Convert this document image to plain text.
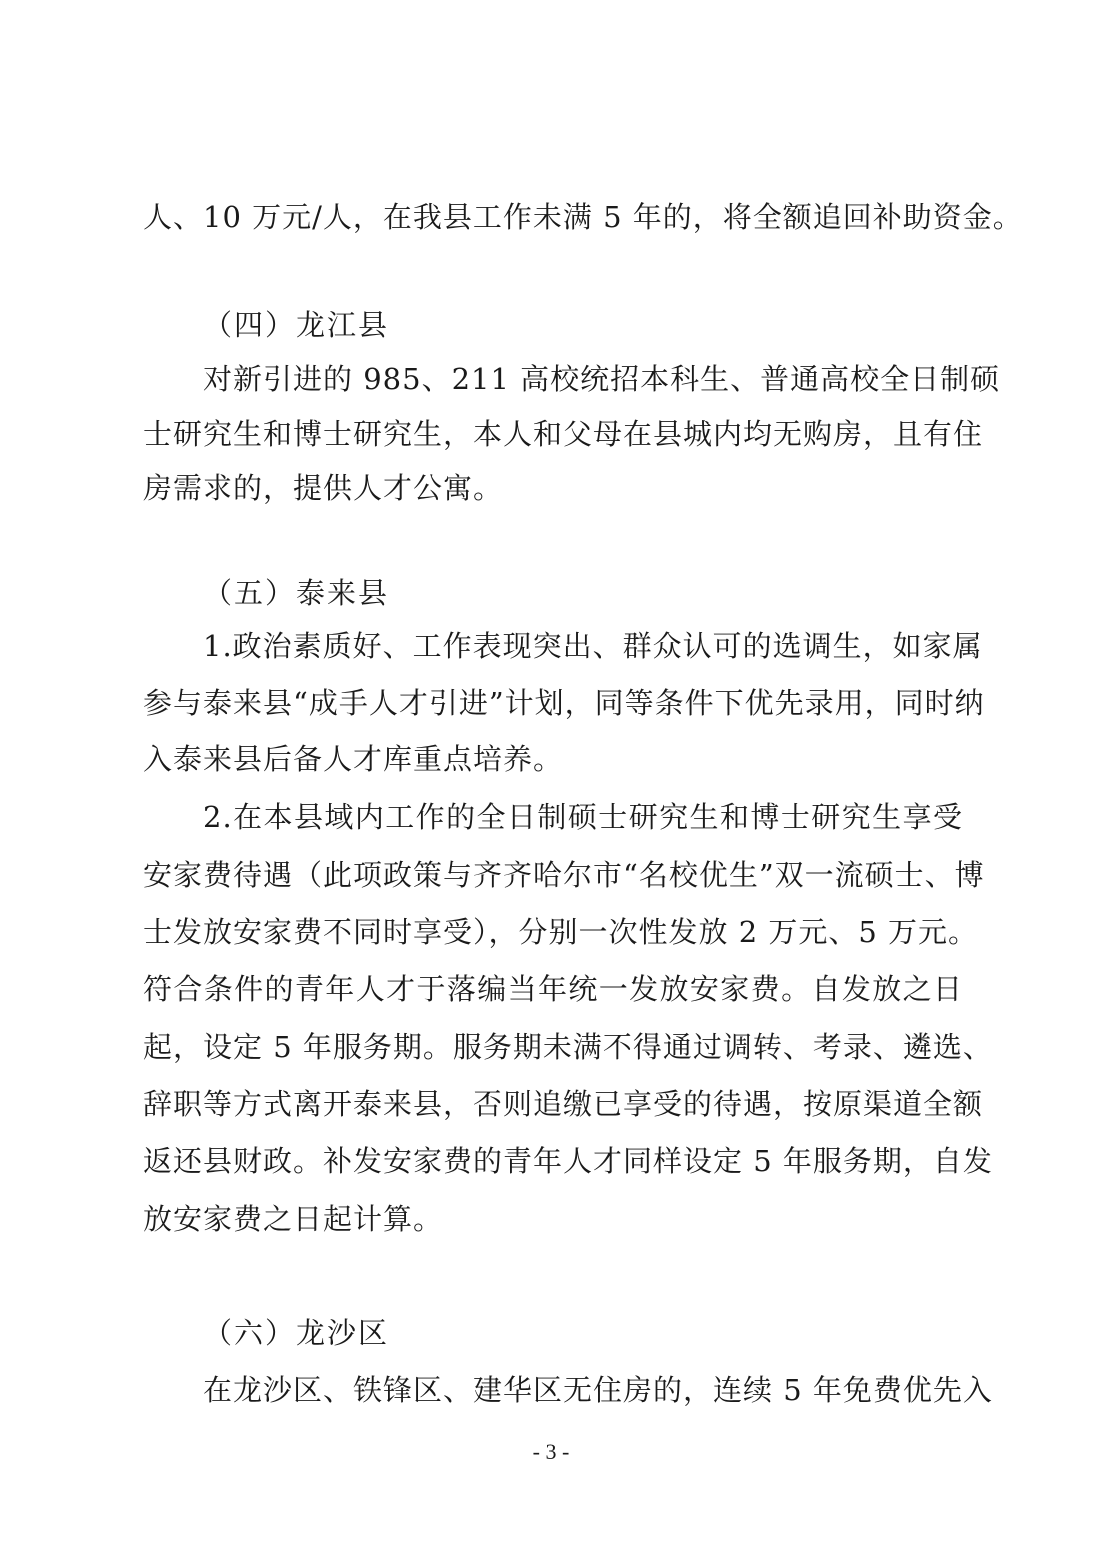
人、10 万元/人，在我县工作未满 5 年的，将全额追回补助资金。
（四）龙江县
对新引进的 985、211 高校统招本科生、普通高校全日制硕
士研究生和博士研究生，本人和父母在县城内均无购房，且有住
房需求的，提供人才公寓。
（五）泰来县
1.政治素质好、工作表现突出、群众认可的选调生，如家属
参与泰来县“成手人才引进”计划，同等条件下优先录用，同时纳
入泰来县后备人才库重点培养。
2.在本县域内工作的全日制硕士研究生和博士研究生享受
安家费待遇（此项政策与齐齐哈尔市“名校优生”双一流硕士、博
士发放安家费不同时享受），分别一次性发放 2 万元、5 万元。
符合条件的青年人才于落编当年统一发放安家费。自发放之日
起，设定 5 年服务期。服务期未满不得通过调转、考录、遴选、
辞职等方式离开泰来县，否则追缴已享受的待遇，按原渠道全额
返还县财政。补发安家费的青年人才同样设定 5 年服务期，自发
放安家费之日起计算。
（六）龙沙区
在龙沙区、铁锋区、建华区无住房的，连续 5 年免费优先入
- 3 -
